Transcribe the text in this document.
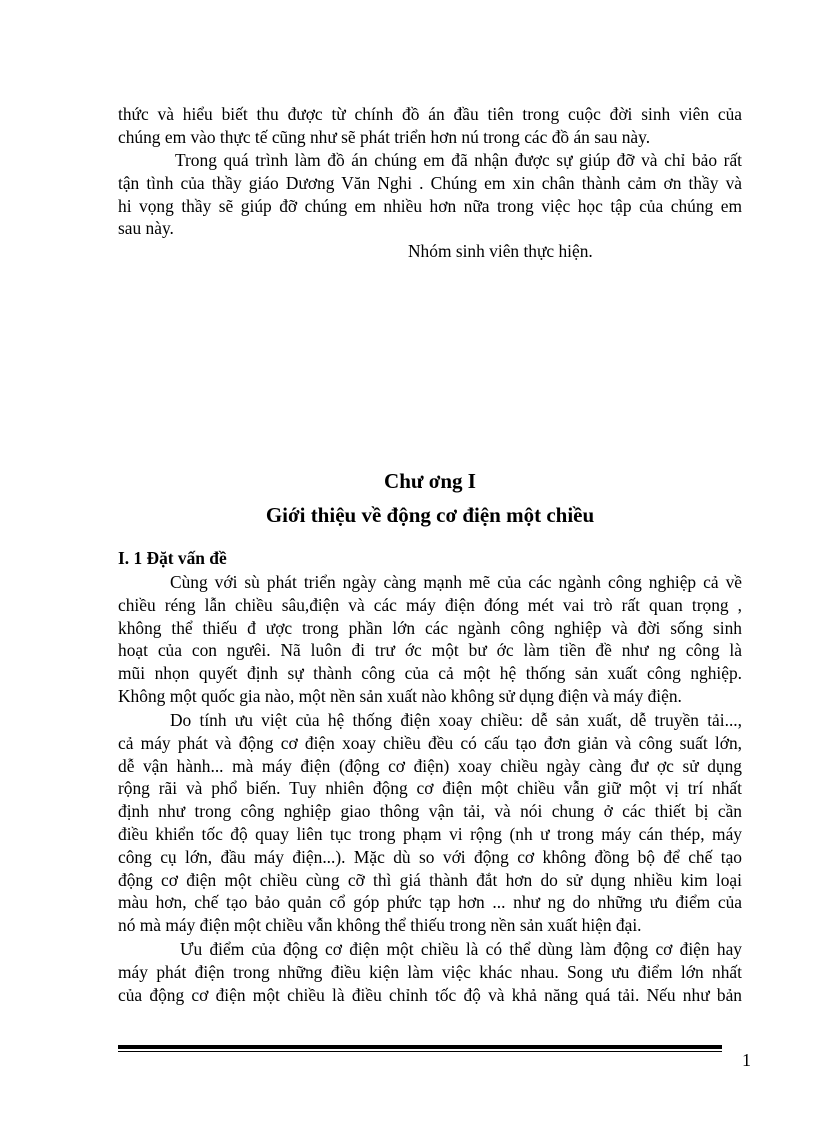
thức và hiểu biết thu được từ chính đồ án đầu tiên trong cuộc đời sinh viên của
chúng em vào thực tế cũng như sẽ phát triển hơn nú trong các đồ án sau này.
Trong quá trình làm đồ án chúng em đã nhận được sự giúp đỡ và chỉ bảo rất
tận tình của thầy giáo Dương Văn Nghi . Chúng em xin chân thành cảm ơn thầy và
hi vọng thầy sẽ giúp đỡ chúng em nhiều hơn nữa trong việc học tập của chúng em
sau này.
Nhóm sinh viên thực hiện.
Chư ơng I
Giới thiệu về động cơ điện một chiều
I. 1 Đặt vấn đề
Cùng với sù phát triển ngày càng mạnh mẽ của các ngành công nghiệp cả về
chiều réng lẫn chiều sâu,điện và các máy điện đóng mét vai trò rất quan trọng ,
không thể thiếu đ ược trong phần lớn các ngành công nghiệp và đời sống sinh
hoạt của con ngưêi. Nã luôn đi trư ớc một bư ớc làm tiền đề như ng công là
mũi nhọn quyết định sự thành công của cả một hệ thống sản xuất công nghiệp.
Không một quốc gia nào, một nền sản xuất nào không sử dụng điện và máy điện.
Do tính ưu việt của hệ thống điện xoay chiều: dễ sản xuất, dễ truyền tải...,
cả máy phát và động cơ điện xoay chiều đều có cấu tạo đơn giản và công suất lớn,
dễ vận hành... mà máy điện (động cơ điện) xoay chiều ngày càng đư ợc sử dụng
rộng rãi và phổ biến. Tuy nhiên động cơ điện một chiều vẫn giữ một vị trí nhất
định như trong công nghiệp giao thông vận tải, và nói chung ở các thiết bị cần
điều khiển tốc độ quay liên tục trong phạm vi rộng (nh ư trong máy cán thép, máy
công cụ lớn, đầu máy điện...). Mặc dù so với động cơ không đồng bộ để chế tạo
động cơ điện một chiều cùng cỡ thì giá thành đắt hơn do sử dụng nhiều kim loại
màu hơn, chế tạo bảo quản cổ góp phức tạp hơn ... như ng do những ưu điểm của
nó mà máy điện một chiều vẫn không thể thiếu trong nền sản xuất hiện đại.
Ưu điểm của động cơ điện một chiều là có thể dùng làm động cơ điện hay
máy phát điện trong những điều kiện làm việc khác nhau. Song ưu điểm lớn nhất
của động cơ điện một chiều là điều chỉnh tốc độ và khả năng quá tải. Nếu như bản
1
